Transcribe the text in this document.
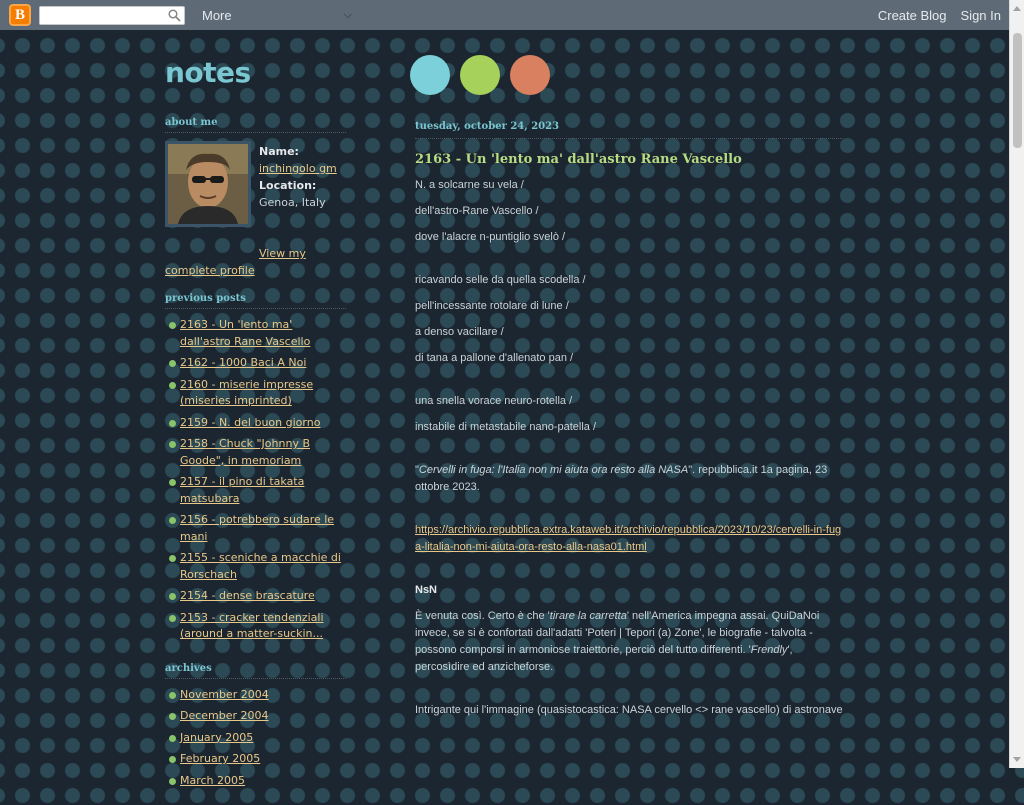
B	More	⌵	Create Blog Sign In
notes
about me
Name:
inchingolo gm
Location:
Genoa, Italy
View my
complete profile
previous posts
2163 - Un 'lento ma' dall'astro Rane Vascello
2162 - 1000 Baci A Noi
2160 - miserie impresse (miseries imprinted)
2159 - N. del buon giorno
2158 - Chuck "Johnny B Goode", in memoriam
2157 - il pino di takata matsubara
2156 - potrebbero sudare le mani
2155 - sceniche a macchie di Rorschach
2154 - dense brascature
2153 - cracker tendenziali (around a matter-suckin...
archives
November 2004
December 2004
January 2005
February 2005
March 2005
tuesday, october 24, 2023
2163 - Un 'lento ma' dall'astro Rane Vascello

N. a solcarne su vela /

dell'astro-Rane Vascello /

dove l'alacre n-puntiglio svelò /

ricavando selle da quella scodella /

pell'incessante rotolare di lune /

a denso vacillare /

di tana a pallone d'allenato pan /

una snella vorace neuro-rotella /

instabile di metastabile nano-patella /

"Cervelli in fuga: l'Italia non mi aiuta ora resto alla NASA". repubblica.it 1a pagina, 23 ottobre 2023.

https://archivio.repubblica.extra.kataweb.it/archivio/repubblica/2023/10/23/cervelli-in-fuga-litalia-non-mi-aiuta-ora-resto-alla-nasa01.html

NsN

È venuta così. Certo è che 'tirare la carretta' nell'America impegna assai. QuiDaNoi invece, se si è confortati dall'adatti 'Poteri | Tepori (a) Zone', le biografie - talvolta - possono comporsi in armoniose traiettorie, perciò del tutto differenti. 'Frendly', percosìdire ed anzicheforse.

Intrigante qui l'immagine (quasistocastica: NASA cervello <> rane vascello) di astronave
